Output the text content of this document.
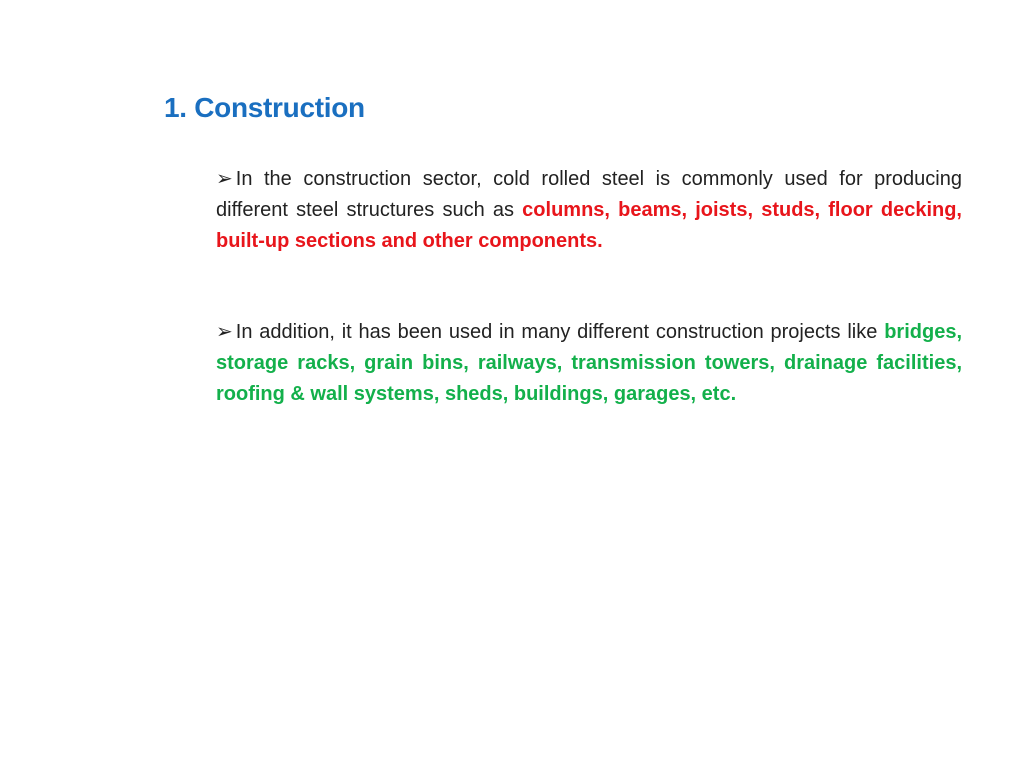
1. Construction
➢ In the construction sector, cold rolled steel is commonly used for producing different steel structures such as columns, beams, joists, studs, floor decking, built-up sections and other components.
➢ In addition, it has been used in many different construction projects like bridges, storage racks, grain bins, railways, transmission towers, drainage facilities, roofing & wall systems, sheds, buildings, garages, etc.
